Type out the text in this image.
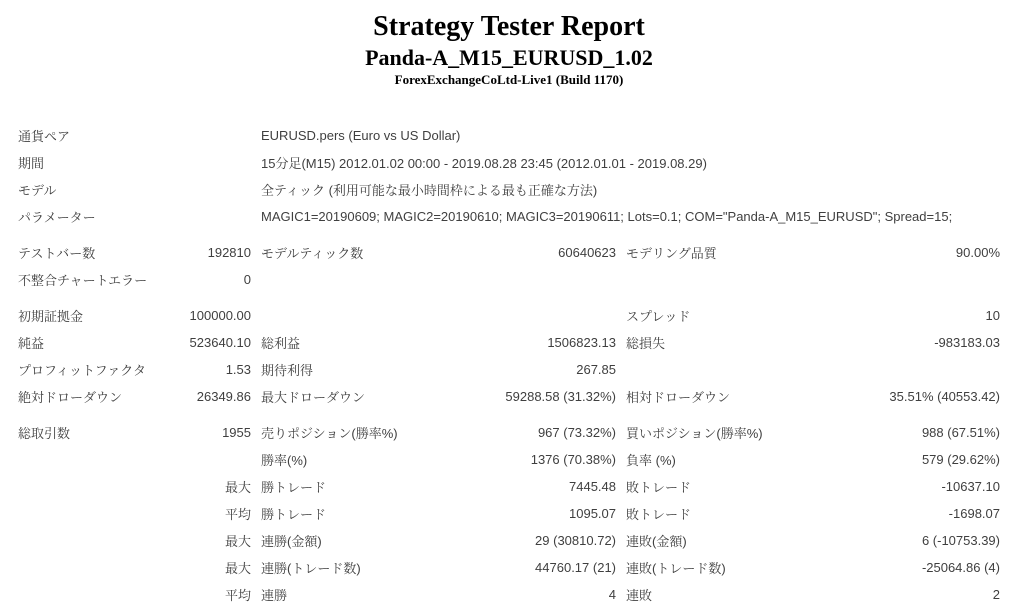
Strategy Tester Report
Panda-A_M15_EURUSD_1.02
ForexExchangeCoLtd-Live1 (Build 1170)
通貨ペア		EURUSD.pers (Euro vs US Dollar)
期間		15分足(M15) 2012.01.02 00:00 - 2019.08.28 23:45 (2012.01.01 - 2019.08.29)
モデル		全ティック (利用可能な最小時間枠による最も正確な方法)
パラメーター		MAGIC1=20190609; MAGIC2=20190610; MAGIC3=20190611; Lots=0.1; COM="Panda-A_M15_EURUSD"; Spread=15;
テストバー数	192810	モデルティック数	60640623	モデリング品質	90.00%
不整合チャートエラー	0				
初期証拠金	100000.00			スプレッド	10
純益	523640.10	総利益	1506823.13	総損失	-983183.03
プロフィットファクタ	1.53	期待利得	267.85		
絶対ドローダウン	26349.86	最大ドローダウン	59288.58 (31.32%)	相対ドローダウン	35.51% (40553.42)
総取引数	1955	売りポジション(勝率%)	967 (73.32%)	買いポジション(勝率%)	988 (67.51%)
		勝率(%)	1376 (70.38%)	負率 (%)	579 (29.62%)
	最大	勝トレード	7445.48	敗トレード	-10637.10
	平均	勝トレード	1095.07	敗トレード	-1698.07
	最大	連勝(金額)	29 (30810.72)	連敗(金額)	6 (-10753.39)
	最大	連勝(トレード数)	44760.17 (21)	連敗(トレード数)	-25064.86 (4)
	平均	連勝	4	連敗	2
